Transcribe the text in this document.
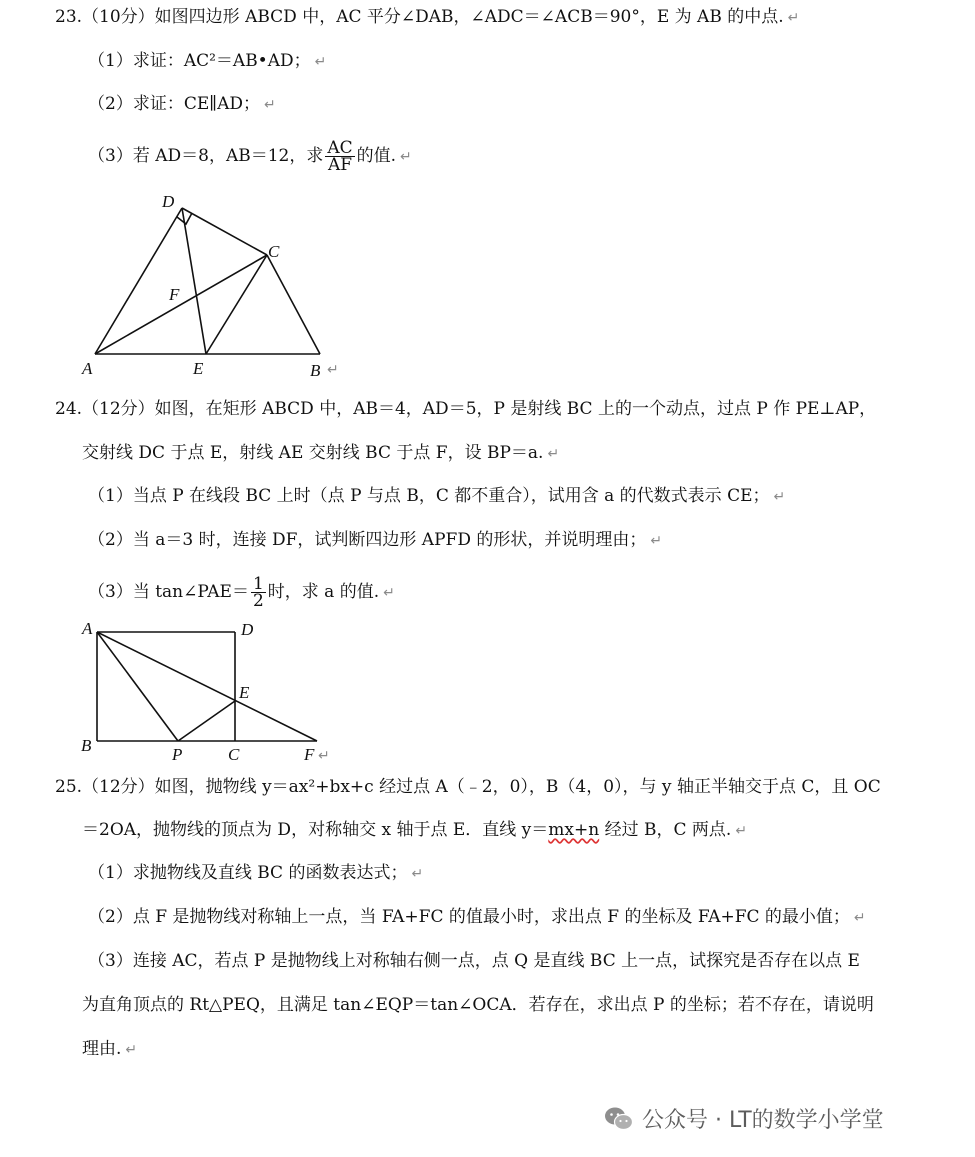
23.（10分）如图四边形 ABCD 中，AC 平分∠DAB，∠ADC＝∠ACB＝90°，E 为 AB 的中点. ↵
（1）求证：AC²＝AB•AD； ↵
（2）求证：CE∥AD； ↵
（3）若 AD＝8，AB＝12，求 $\frac{AC}{AF}$ 的值. ↵
D
C
F
A	E	B ↵
24.（12分）如图，在矩形 ABCD 中，AB＝4，AD＝5，P 是射线 BC 上的一个动点，过点 P 作 PE⊥AP，
交射线 DC 于点 E，射线 AE 交射线 BC 于点 F，设 BP＝a. ↵
（1）当点 P 在线段 BC 上时（点 P 与点 B，C 都不重合），试用含 a 的代数式表示 CE； ↵
（2）当 a＝3 时，连接 DF，试判断四边形 APFD 的形状，并说明理由； ↵
（3）当 tan∠PAE＝ $\frac{1}{2}$ 时，求 a 的值. ↵
A	D
E
B	P	C	F ↵
25.（12分）如图，抛物线 y＝ax²+bx+c 经过点 A（﹣2，0），B（4，0），与 y 轴正半轴交于点 C，且 OC
＝2OA，抛物线的顶点为 D，对称轴交 x 轴于点 E．直线 y＝mx+n 经过 B，C 两点. ↵
（1）求抛物线及直线 BC 的函数表达式； ↵
（2）点 F 是抛物线对称轴上一点，当 FA+FC 的值最小时，求出点 F 的坐标及 FA+FC 的最小值； ↵
（3）连接 AC，若点 P 是抛物线上对称轴右侧一点，点 Q 是直线 BC 上一点，试探究是否存在以点 E
为直角顶点的 Rt△PEQ，且满足 tan∠EQP＝tan∠OCA．若存在，求出点 P 的坐标；若不存在，请说明
理由. ↵
公众号 · LT的数学小学堂
